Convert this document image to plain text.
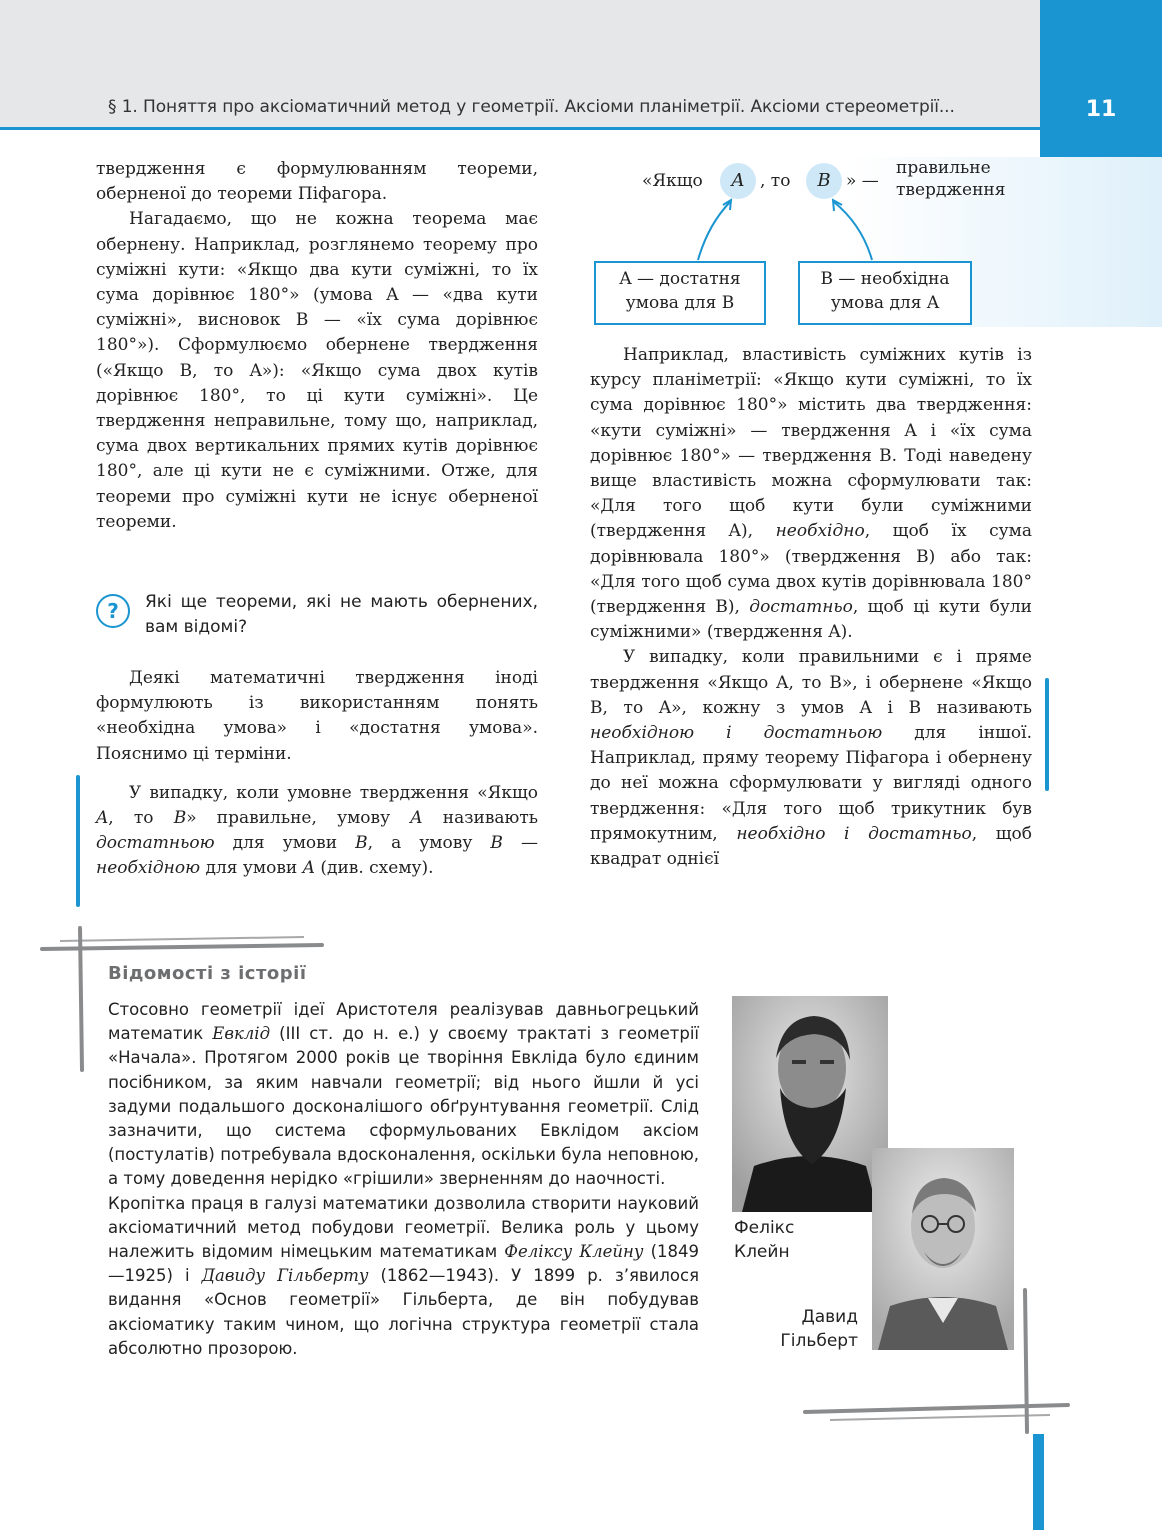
§ 1. Поняття про аксіоматичний метод у геометрії. Аксіоми планіметрії. Аксіоми стереометрії...	11

твердження є формулюванням теореми, оберненої до теореми Піфагора.

Нагадаємо, що не кожна теорема має обернену. Наприклад, розглянемо теорему про суміжні кути: «Якщо два кути суміжні, то їх сума дорівнює 180°» (умова A — «два кути суміжні», висновок B — «їх сума дорівнює 180°»). Сформулюємо обернене твердження («Якщо B, то A»): «Якщо сума двох кутів дорівнює 180°, то ці кути суміжні». Це твердження неправильне, тому що, наприклад, сума двох вертикальних прямих кутів дорівнює 180°, але ці кути не є суміжними. Отже, для теореми про суміжні кути не існує оберненої теореми.

?	Які ще теореми, які не мають обернених, вам відомі?

Деякі математичні твердження іноді формулюють із використанням понять «необхідна умова» і «достатня умова». Пояснимо ці терміни.

У випадку, коли умовне твердження «Якщо A, то B» правильне, умову A називають достатньою для умови B, а умову B — необхідною для умови A (див. схему).

«Якщо	A , то	B » —
правильне твердження
A — достатня
умова для B
B — необхідна
умова для A

Наприклад, властивість суміжних кутів із курсу планіметрії: «Якщо кути суміжні, то їх сума дорівнює 180°» містить два твердження: «кути суміжні» — твердження A і «їх сума дорівнює 180°» — твердження B. Тоді наведену вище властивість можна сформулювати так: «Для того щоб кути були суміжними (твердження A), необхідно, щоб їх сума дорівнювала 180°» (твердження B) або так: «Для того щоб сума двох кутів дорівнювала 180° (твердження B), достатньо, щоб ці кути були суміжними» (твердження A).

У випадку, коли правильними є і пряме твердження «Якщо A, то B», і обернене «Якщо B, то A», кожну з умов A і B називають необхідною і достатньою для іншої. Наприклад, пряму теорему Піфагора і обернену до неї можна сформулювати у вигляді одного твердження: «Для того щоб трикутник був прямокутним, необхідно і достатньо, щоб квадрат однієї

Відомості з історії

Стосовно геометрії ідеї Аристотеля реалізував давньогрецький математик Евклід (III ст. до н. е.) у своєму трактаті з геометрії «Начала». Протягом 2000 років це творіння Евкліда було єдиним посібником, за яким навчали геометрії; від нього йшли й усі задуми подальшого досконалішого обґрунтування геометрії. Слід зазначити, що система сформульованих Евклідом аксіом (постулатів) потребувала вдосконалення, оскільки була неповною, а тому доведення нерідко «грішили» зверненням до наочності.

Кропітка праця в галузі математики дозволила створити науковий аксіоматичний метод побудови геометрії. Велика роль у цьому належить відомим німецьким математикам Феліксу Клейну (1849—1925) і Давиду Гільберту (1862—1943). У 1899 р. з’явилося видання «Основ геометрії» Гільберта, де він побудував аксіоматику таким чином, що логічна структура геометрії стала абсолютно прозорою.

Фелікс
Клейн
Давид
Гільберт
